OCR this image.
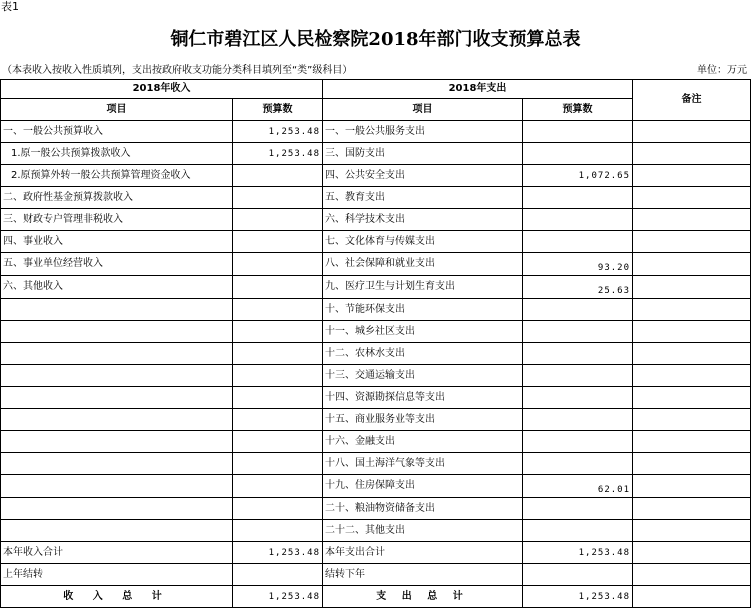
表1
铜仁市碧江区人民检察院2018年部门收支预算总表
（本表收入按收入性质填列，支出按政府收支功能分类科目填列至“类”级科目）	单位：万元
2018年收入		2018年支出		备注
项目	预算数	项目	预算数	
一、一般公共预算收入	1,253.48	一、一般公共服务支出		
1.原一般公共预算拨款收入	1,253.48	三、国防支出		
2.原预算外转一般公共预算管理资金收入		四、公共安全支出	1,072.65	
二、政府性基金预算拨款收入		五、教育支出		
三、财政专户管理非税收入		六、科学技术支出		
四、事业收入		七、文化体育与传媒支出		
五、事业单位经营收入		八、社会保障和就业支出	93.20	
六、其他收入		九、医疗卫生与计划生育支出	25.63	
		十、节能环保支出		
		十一、城乡社区支出		
		十二、农林水支出		
		十三、交通运输支出		
		十四、资源勘探信息等支出		
		十五、商业服务业等支出		
		十六、金融支出		
		十八、国土海洋气象等支出		
		十九、住房保障支出	62.01	
		二十、粮油物资储备支出		
		二十二、其他支出		
本年收入合计	1,253.48	本年支出合计	1,253.48	
上年结转		结转下年		
收 入 总 计	1,253.48	支 出 总 计	1,253.48	
